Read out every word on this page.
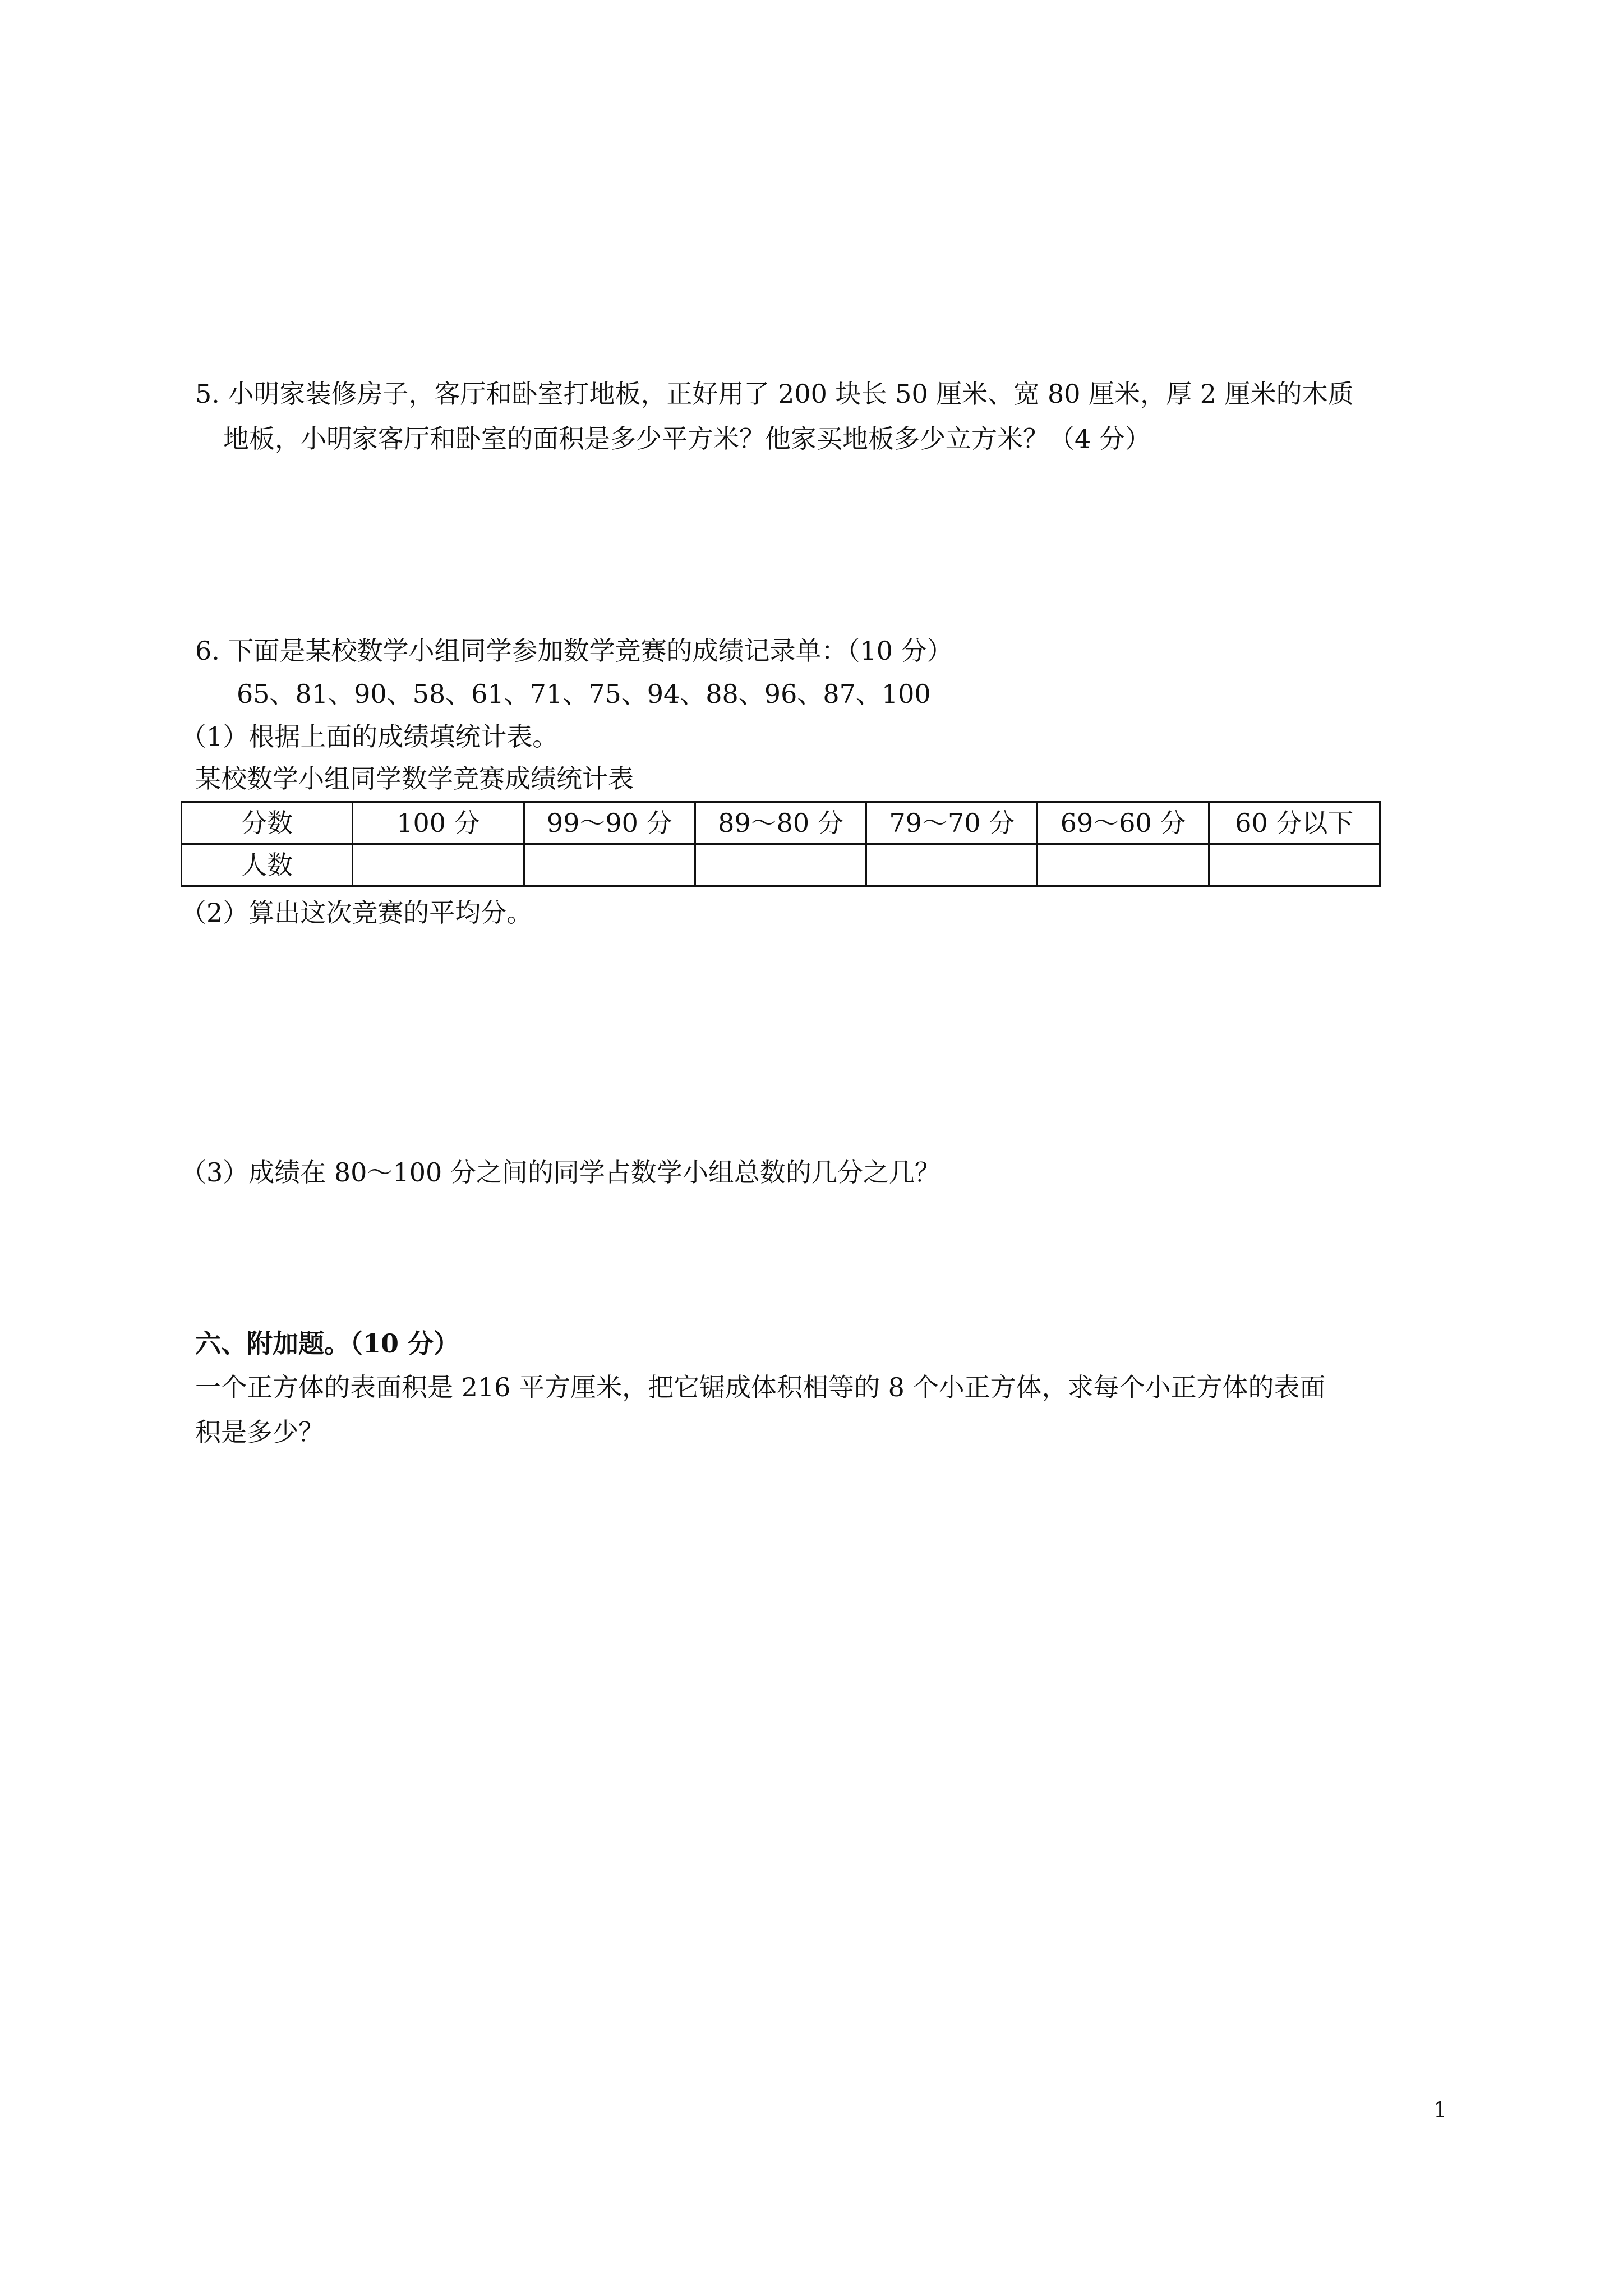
5. 小明家装修房子，客厅和卧室打地板，正好用了 200 块长 50 厘米、宽 80 厘米，厚 2 厘米的木质
地板，小明家客厅和卧室的面积是多少平方米？他家买地板多少立方米？（4 分）
6. 下面是某校数学小组同学参加数学竞赛的成绩记录单：（10 分）
65、81、90、58、61、71、75、94、88、96、87、100
（1）根据上面的成绩填统计表。
某校数学小组同学数学竞赛成绩统计表
分数	100 分	99～90 分	89～80 分	79～70 分	69～60 分	60 分以下
人数						
（2）算出这次竞赛的平均分。
（3）成绩在 80～100 分之间的同学占数学小组总数的几分之几？
六、附加题。（10 分）
一个正方体的表面积是 216 平方厘米，把它锯成体积相等的 8 个小正方体，求每个小正方体的表面
积是多少？
1
